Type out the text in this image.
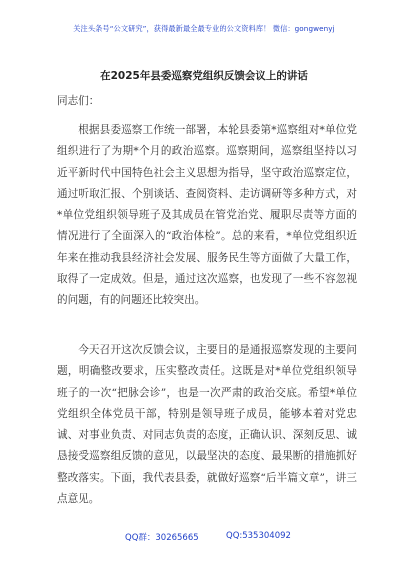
关注头条号“公文研究”，获得最新最全最专业的公文资料库！ 微信：gongwenyj
在2025年县委巡察党组织反馈会议上的讲话
同志们：
根据县委巡察工作统一部署，本轮县委第*巡察组对*单位党组织进行了为期*个月的政治巡察。巡察期间，巡察组坚持以习近平新时代中国特色社会主义思想为指导，坚守政治巡察定位，通过听取汇报、个别谈话、查阅资料、走访调研等多种方式，对*单位党组织领导班子及其成员在管党治党、履职尽责等方面的情况进行了全面深入的“政治体检”。总的来看，*单位党组织近年来在推动我县经济社会发展、服务民生等方面做了大量工作，取得了一定成效。但是，通过这次巡察，也发现了一些不容忽视的问题，有的问题还比较突出。
今天召开这次反馈会议，主要目的是通报巡察发现的主要问题，明确整改要求，压实整改责任。这既是对*单位党组织领导班子的一次“把脉会诊”，也是一次严肃的政治交底。希望*单位党组织全体党员干部，特别是领导班子成员，能够本着对党忠诚、对事业负责、对同志负责的态度，正确认识、深刻反思、诚恳接受巡察组反馈的意见，以最坚决的态度、最果断的措施抓好整改落实。下面，我代表县委，就做好巡察“后半篇文章”，讲三点意见。
QQ群：30265665	QQ:535304092
